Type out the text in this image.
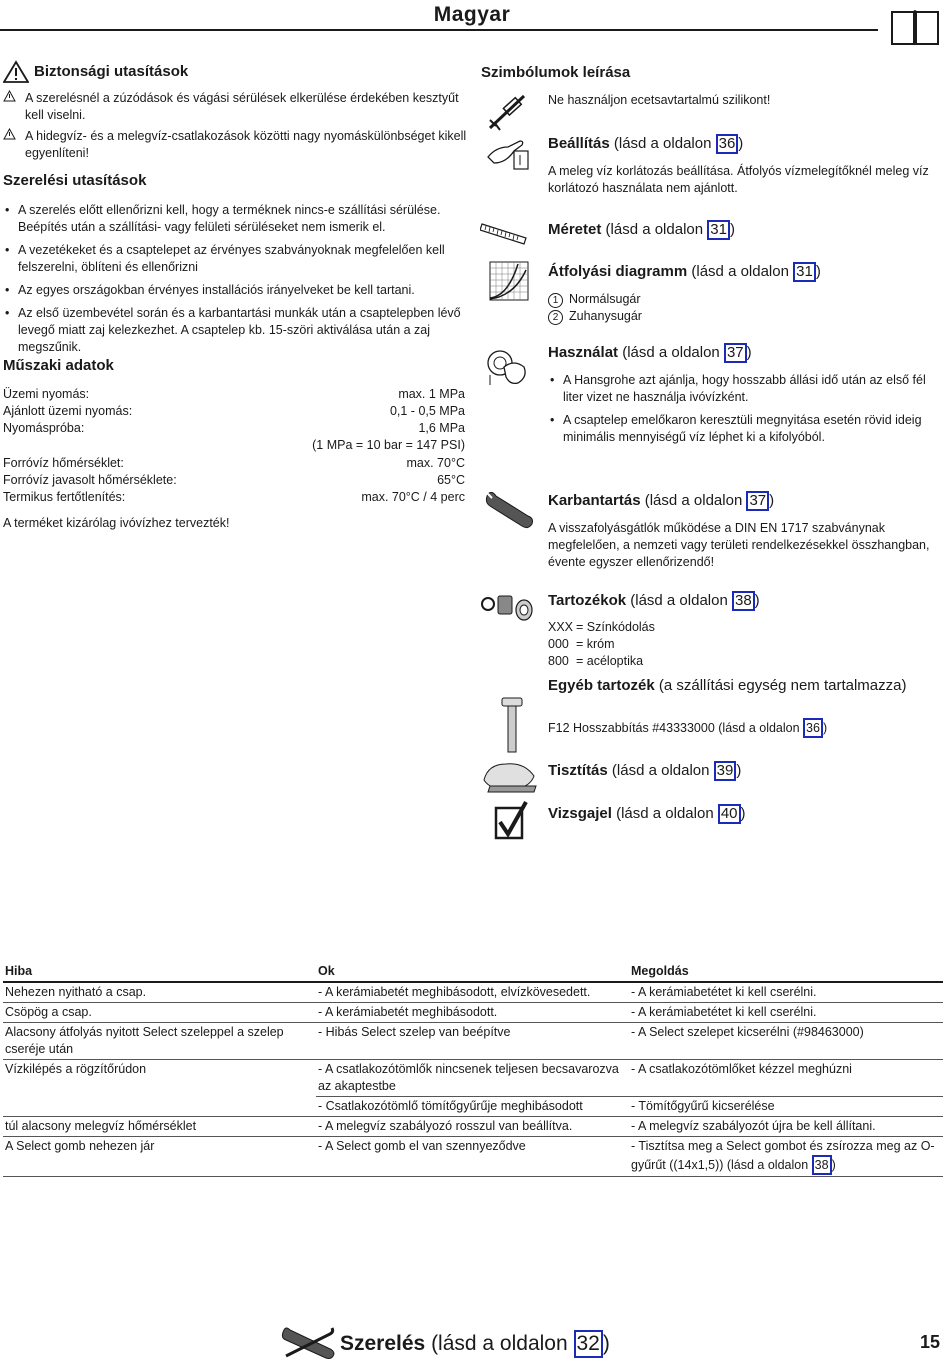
Magyar
Biztonsági utasítások
A szerelésnél a zúzódások és vágási sérülések elkerülése érdekében kesztyűt kell viselni.
A hidegvíz- és a melegvíz-csatlakozások közötti nagy nyomáskülönbséget kikell egyenlíteni!
Szerelési utasítások
• A szerelés előtt ellenőrizni kell, hogy a terméknek nincs-e szállítási sérülése. Beépítés után a szállítási- vagy felületi sérüléseket nem ismerik el.
• A vezetékeket és a csaptelepet az érvényes szabványoknak megfelelően kell felszerelni, öblíteni és ellenőrizni
• Az egyes országokban érvényes installációs irányelveket be kell tartani.
• Az első üzembevétel során és a karbantartási munkák után a csaptelepben lévő levegő miatt zaj kelezkezhet. A csaptelep kb. 15-szöri aktiválása után a zaj megszűnik.
Műszaki adatok
Üzemi nyomás:	max. 1 MPa
Ajánlott üzemi nyomás:	0,1 - 0,5 MPa
Nyomáspróba:	1,6 MPa
(1 MPa = 10 bar = 147 PSI)
Forróvíz hőmérséklet:	max. 70°C
Forróvíz javasolt hőmérséklete:	65°C
Termikus fertőtlenítés:	max. 70°C / 4 perc
A terméket kizárólag ivóvízhez tervezték!
Szimbólumok leírása
Ne használjon ecetsavtartalmú szilikont!
Beállítás (lásd a oldalon 36 )
A meleg víz korlátozás beállítása. Átfolyós vízmelegítőknél meleg víz korlátozó használata nem ajánlott.
Méretet (lásd a oldalon 31 )
Átfolyási diagramm (lásd a oldalon 31 )
1 Normálsugár
2 Zuhanysugár
Használat (lásd a oldalon 37 )
• A Hansgrohe azt ajánlja, hogy hosszabb állási idő után az első fél liter vizet ne használja ivóvízként.
• A csaptelep emelőkaron keresztüli megnyitása esetén rövid ideig minimális mennyiségű víz léphet ki a kifolyóból.
Karbantartás (lásd a oldalon 37 )
A visszafolyásgátlók működése a DIN EN 1717 szabványnak megfelelően, a nemzeti vagy területi rendelkezésekkel összhangban, évente egyszer ellenőrizendő!
Tartozékok (lásd a oldalon 38 )
XXX = Színkódolás
000 = króm
800 = acéloptika
Egyéb tartozék (a szállítási egység nem tartalmazza)
F12 Hosszabbítás #43333000 (lásd a oldalon 36 )
Tisztítás (lásd a oldalon 39 )
Vizsgajel (lásd a oldalon 40 )
Hiba	Ok	Megoldás
Nehezen nyitható a csap.	- A kerámiabetét meghibásodott, elvízkövesedett.	- A kerámiabetétet ki kell cserélni.
Csöpög a csap.	- A kerámiabetét meghibásodott.	- A kerámiabetétet ki kell cserélni.
Alacsony átfolyás nyitott Select szeleppel a szelep cseréje után	- Hibás Select szelep van beépítve	- A Select szelepet kicserélni (#98463000)
Vízkilépés a rögzítőrúdon	- A csatlakozótömlők nincsenek teljesen becsavarozva az akaptestbe	- A csatlakozótömlőket kézzel meghúzni
	- Csatlakozótömlő tömítőgyűrűje meghibásodott	- Tömítőgyűrű kicserélése
túl alacsony melegvíz hőmérséklet	- A melegvíz szabályozó rosszul van beállítva.	- A melegvíz szabályozót újra be kell állítani.
A Select gomb nehezen jár	- A Select gomb el van szennyeződve	- Tisztítsa meg a Select gombot és zsírozza meg az O-gyűrűt ((14x1,5)) (lásd a oldalon 38 )
Szerelés (lásd a oldalon 32 )	15
